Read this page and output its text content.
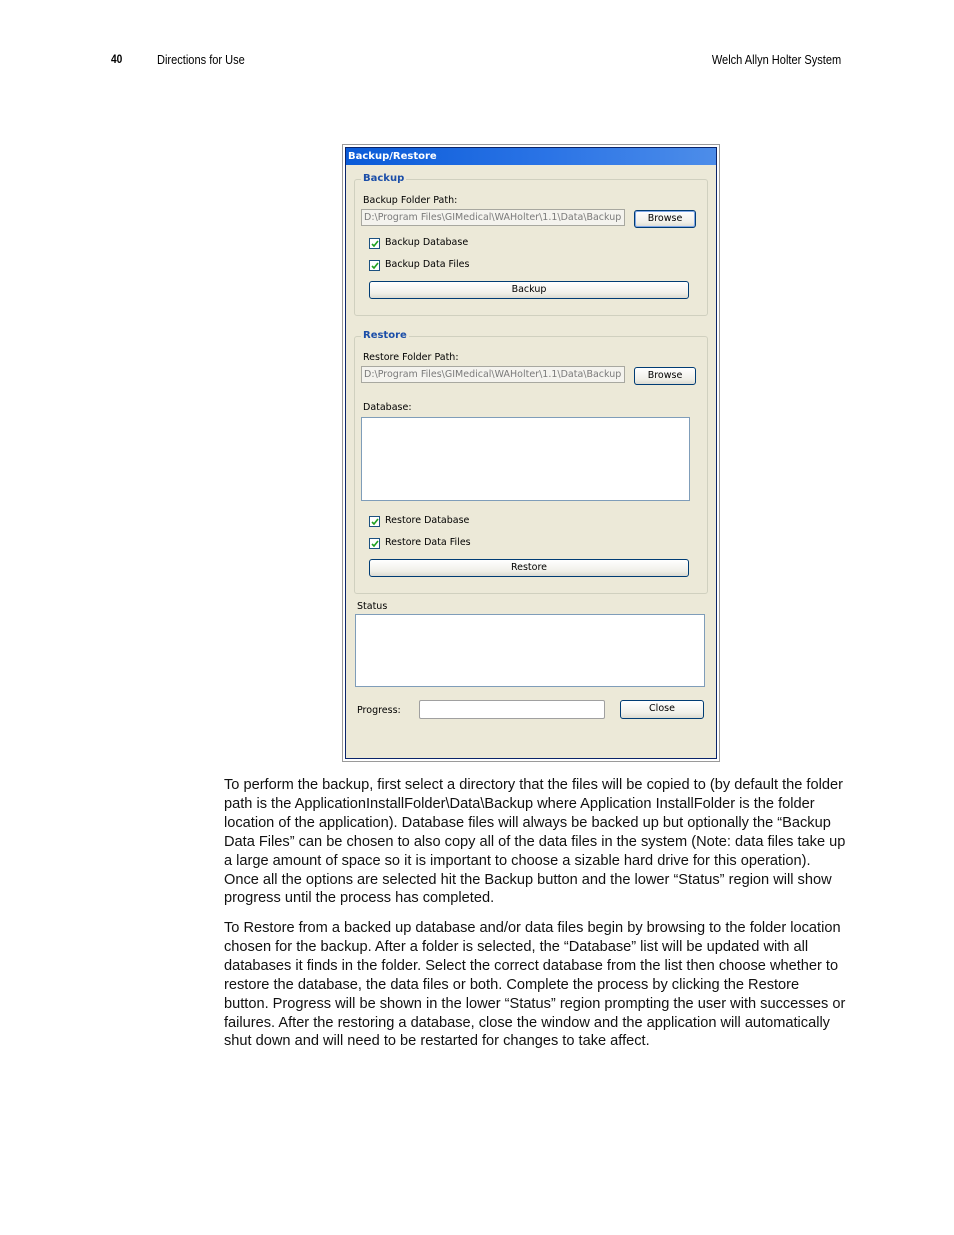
40	Directions for Use	Welch Allyn Holter System
Backup/Restore
Backup
Backup Folder Path:
D:\Program Files\GIMedical\WAHolter\1.1\Data\Backup	Browse
Backup Database
Backup Data Files
Backup
Restore
Restore Folder Path:
D:\Program Files\GIMedical\WAHolter\1.1\Data\Backup	Browse
Database:
Restore Database
Restore Data Files
Restore
Status
Progress:	Close
To perform the backup, first select a directory that the files will be copied to (by default the folder path is the ApplicationInstallFolder\Data\Backup where Application InstallFolder is the folder location of the application). Database files will always be backed up but optionally the “Backup Data Files” can be chosen to also copy all of the data files in the system (Note: data files take up a large amount of space so it is important to choose a sizable hard drive for this operation). Once all the options are selected hit the Backup button and the lower “Status” region will show progress until the process has completed.
To Restore from a backed up database and/or data files begin by browsing to the folder location chosen for the backup. After a folder is selected, the “Database” list will be updated with all databases it finds in the folder. Select the correct database from the list then choose whether to restore the database, the data files or both. Complete the process by clicking the Restore button. Progress will be shown in the lower “Status” region prompting the user with successes or failures. After the restoring a database, close the window and the application will automatically shut down and will need to be restarted for changes to take affect.
